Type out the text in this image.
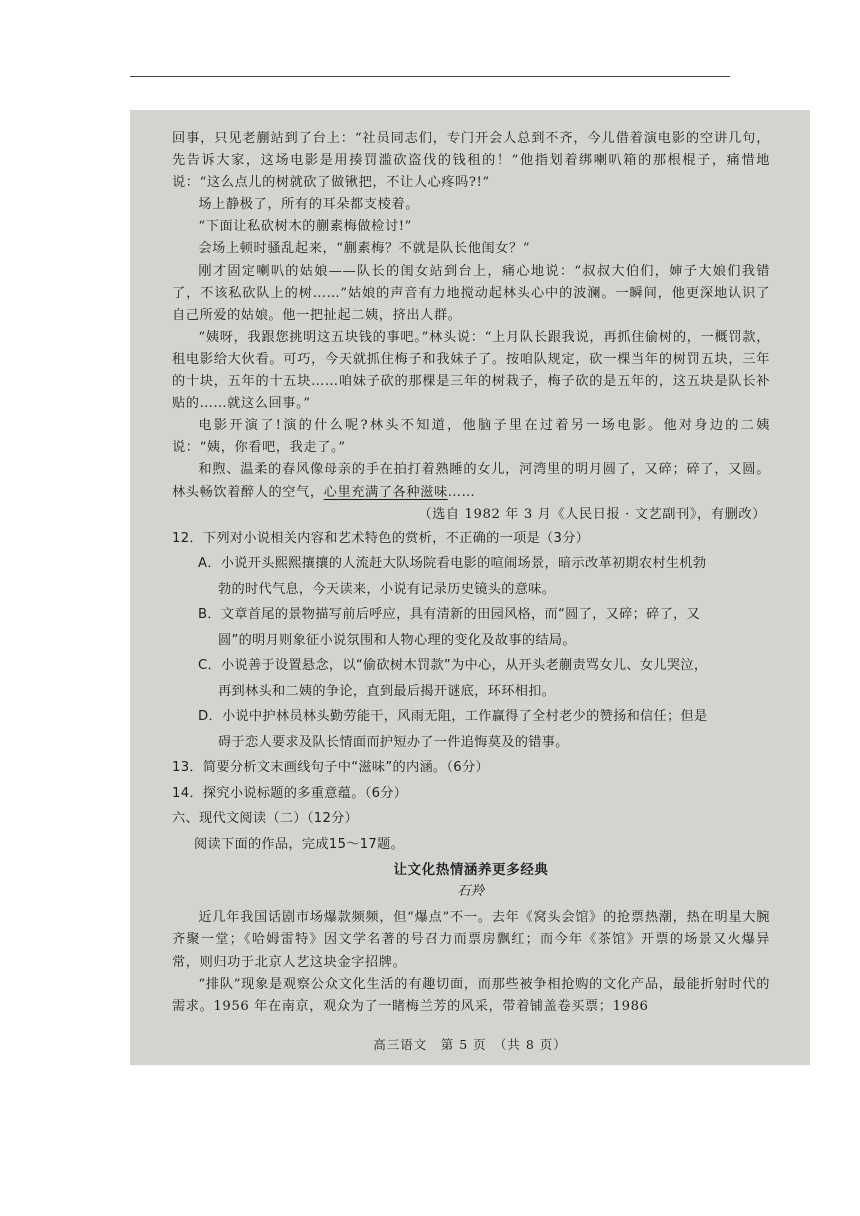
回事，只见老蒯站到了台上：“社员同志们，专门开会人总到不齐，今儿借着演电影的空讲几句，先告诉大家，这场电影是用揍罚滥砍盗伐的钱租的！”他指划着绑喇叭箱的那根棍子，痛惜地说：“这么点儿的树就砍了做锹把，不让人心疼吗?!”

场上静极了，所有的耳朵都支棱着。

“下面让私砍树木的蒯素梅做检讨!”

会场上顿时骚乱起来，“蒯素梅？不就是队长他闺女？”

刚才固定喇叭的姑娘——队长的闺女站到台上，痛心地说：“叔叔大伯们，婶子大娘们我错了，不该私砍队上的树……”姑娘的声音有力地搅动起林头心中的波澜。一瞬间，他更深地认识了自己所爱的姑娘。他一把扯起二姨，挤出人群。

“姨呀，我跟您挑明这五块钱的事吧。”林头说：“上月队长跟我说，再抓住偷树的，一概罚款，租电影给大伙看。可巧，今天就抓住梅子和我妹子了。按咱队规定，砍一棵当年的树罚五块，三年的十块，五年的十五块……咱妹子砍的那棵是三年的树栽子，梅子砍的是五年的，这五块是队长补贴的……就这么回事。”

电影开演了!演的什么呢?林头不知道，他脑子里在过着另一场电影。他对身边的二姨说：“姨，你看吧，我走了。”

和煦、温柔的春风像母亲的手在拍打着熟睡的女儿，河湾里的明月圆了，又碎；碎了，又圆。林头畅饮着醉人的空气，心里充满了各种滋味……

（选自 1982 年 3 月《人民日报 · 文艺副刊》，有删改）

12．下列对小说相关内容和艺术特色的赏析，不正确的一项是（3分）

A．小说开头熙熙攘攘的人流赶大队场院看电影的喧闹场景，暗示改革初期农村生机勃

勃的时代气息，今天读来，小说有记录历史镜头的意味。

B．文章首尾的景物描写前后呼应，具有清新的田园风格，而“圆了，又碎；碎了，又

圆”的明月则象征小说氛围和人物心理的变化及故事的结局。

C．小说善于设置悬念，以“偷砍树木罚款”为中心，从开头老蒯责骂女儿、女儿哭泣，

再到林头和二姨的争论，直到最后揭开谜底，环环相扣。

D．小说中护林员林头勤劳能干，风雨无阻，工作赢得了全村老少的赞扬和信任；但是

碍于恋人要求及队长情面而护短办了一件追悔莫及的错事。

13．简要分析文末画线句子中“滋味”的内涵。（6分）

14．探究小说标题的多重意蕴。（6分）

六、现代文阅读（二）（12分）

阅读下面的作品，完成15～17题。

让文化热情涵养更多经典

石羚

近几年我国话剧市场爆款频频，但“爆点”不一。去年《窝头会馆》的抢票热潮，热在明星大腕齐聚一堂；《哈姆雷特》因文学名著的号召力而票房飘红；而今年《茶馆》开票的场景又火爆异常，则归功于北京人艺这块金字招牌。

“排队”现象是观察公众文化生活的有趣切面，而那些被争相抢购的文化产品，最能折射时代的需求。1956 年在南京，观众为了一睹梅兰芳的风采，带着铺盖卷买票；1986

高三语文　第 5 页　（共 8 页）
